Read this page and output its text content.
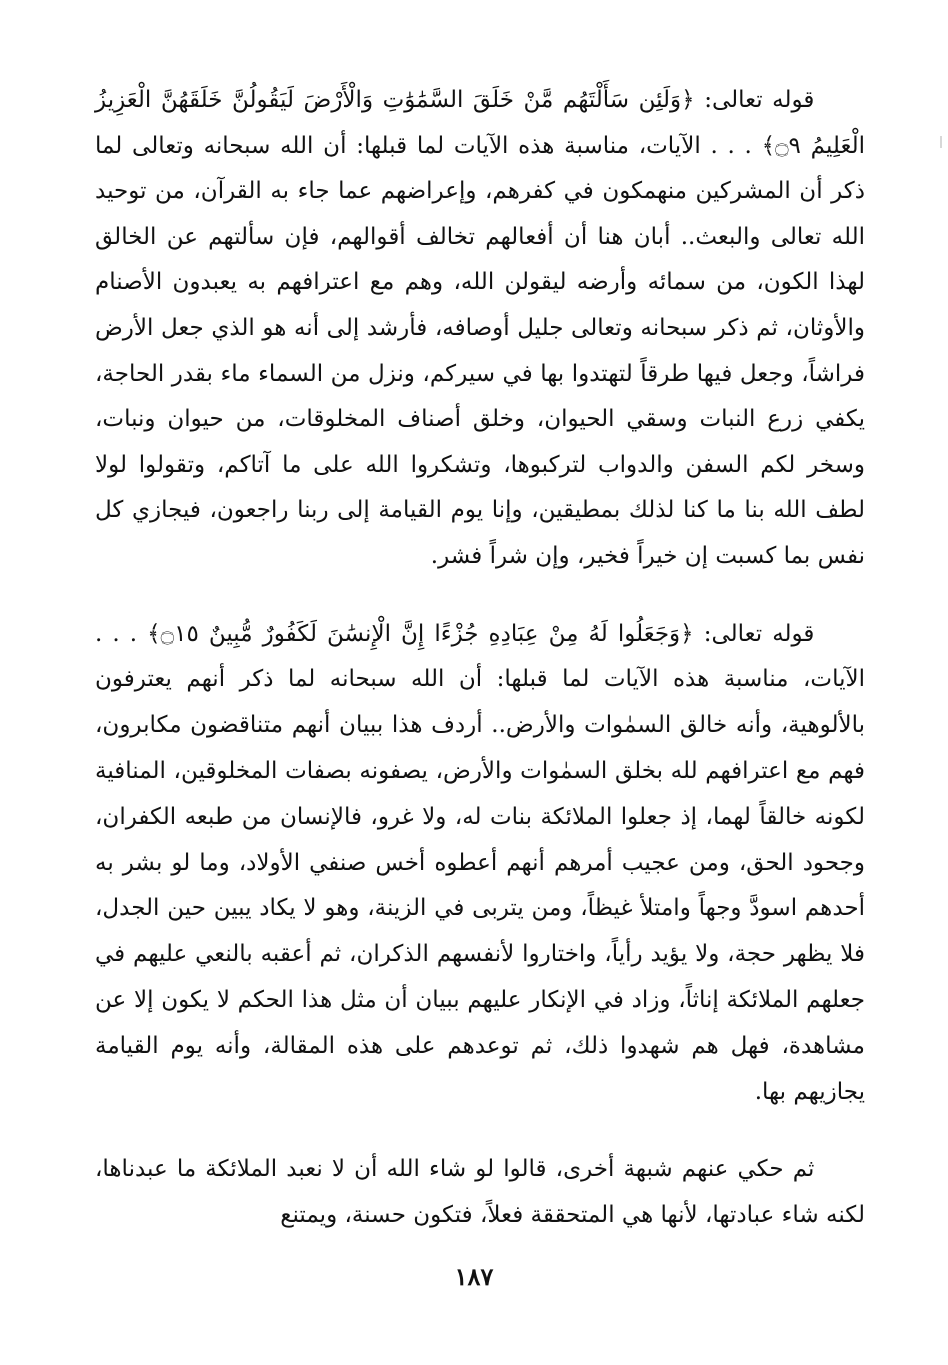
قوله تعالى: ﴿وَلَئِن سَأَلْتَهُم مَّنْ خَلَقَ السَّمَٰوَٰتِ وَالْأَرْضَ لَيَقُولُنَّ خَلَقَهُنَّ الْعَزِيزُ الْعَلِيمُ ۝٩﴾ . . . الآيات، مناسبة هذه الآيات لما قبلها: أن الله سبحانه وتعالى لما ذكر أن المشركين منهمكون في كفرهم، وإعراضهم عما جاء به القرآن، من توحيد الله تعالى والبعث.. أبان هنا أن أفعالهم تخالف أقوالهم، فإن سألتهم عن الخالق لهذا الكون، من سمائه وأرضه ليقولن الله، وهم مع اعترافهم به يعبدون الأصنام والأوثان، ثم ذكر سبحانه وتعالى جليل أوصافه، فأرشد إلى أنه هو الذي جعل الأرض فراشاً، وجعل فيها طرقاً لتهتدوا بها في سيركم، ونزل من السماء ماء بقدر الحاجة، يكفي زرع النبات وسقي الحيوان، وخلق أصناف المخلوقات، من حيوان ونبات، وسخر لكم السفن والدواب لتركبوها، وتشكروا الله على ما آتاكم، وتقولوا لولا لطف الله بنا ما كنا لذلك بمطيقين، وإنا يوم القيامة إلى ربنا راجعون، فيجازي كل نفس بما كسبت إن خيراً فخير، وإن شراً فشر.

قوله تعالى: ﴿وَجَعَلُوا لَهُ مِنْ عِبَادِهِ جُزْءًا إِنَّ الْإِنسَٰنَ لَكَفُورٌ مُّبِينٌ ۝١٥﴾ . . . الآيات، مناسبة هذه الآيات لما قبلها: أن الله سبحانه لما ذكر أنهم يعترفون بالألوهية، وأنه خالق السمٰوات والأرض.. أردف هذا ببيان أنهم متناقضون مكابرون، فهم مع اعترافهم لله بخلق السمٰوات والأرض، يصفونه بصفات المخلوقين، المنافية لكونه خالقاً لهما، إذ جعلوا الملائكة بنات له، ولا غرو، فالإنسان من طبعه الكفران، وجحود الحق، ومن عجيب أمرهم أنهم أعطوه أخس صنفي الأولاد، وما لو بشر به أحدهم اسودَّ وجهاً وامتلأ غيظاً، ومن يتربى في الزينة، وهو لا يكاد يبين حين الجدل، فلا يظهر حجة، ولا يؤيد رأياً، واختاروا لأنفسهم الذكران، ثم أعقبه بالنعي عليهم في جعلهم الملائكة إناثاً، وزاد في الإنكار عليهم ببيان أن مثل هذا الحكم لا يكون إلا عن مشاهدة، فهل هم شهدوا ذلك، ثم توعدهم على هذه المقالة، وأنه يوم القيامة يجازيهم بها.

ثم حكي عنهم شبهة أخرى، قالوا لو شاء الله أن لا نعبد الملائكة ما عبدناها، لكنه شاء عبادتها، لأنها هي المتحققة فعلاً، فتكون حسنة، ويمتنع

١٨٧
